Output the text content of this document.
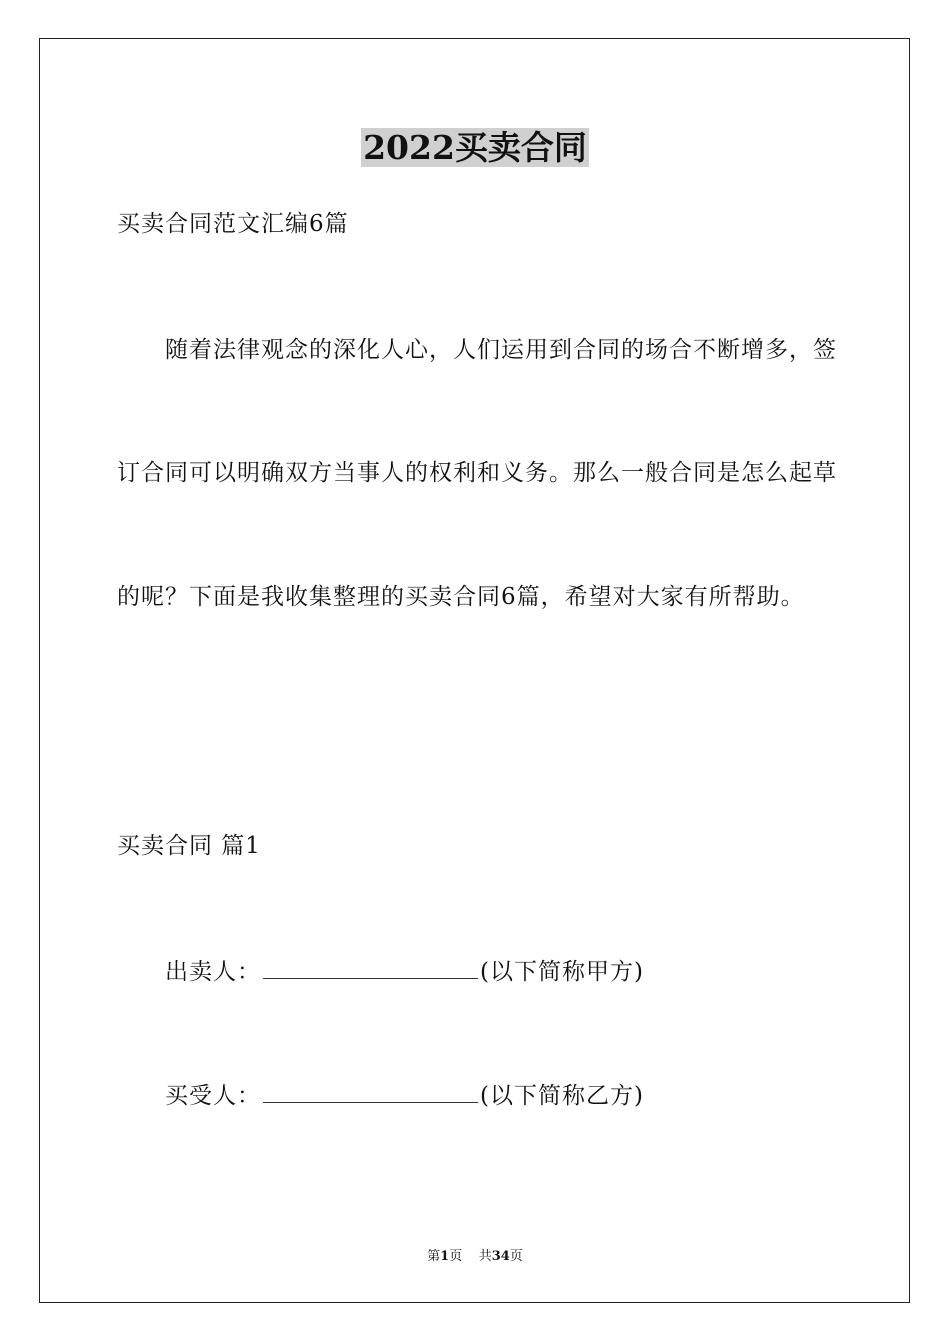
2022买卖合同
买卖合同范文汇编6篇
随着法律观念的深化人心，人们运用到合同的场合不断增多，签
订合同可以明确双方当事人的权利和义务。那么一般合同是怎么起草
的呢？下面是我收集整理的买卖合同6篇，希望对大家有所帮助。
买卖合同 篇1
出卖人：	(以下简称甲方)
买受人：	(以下简称乙方)
第1页    共34页
